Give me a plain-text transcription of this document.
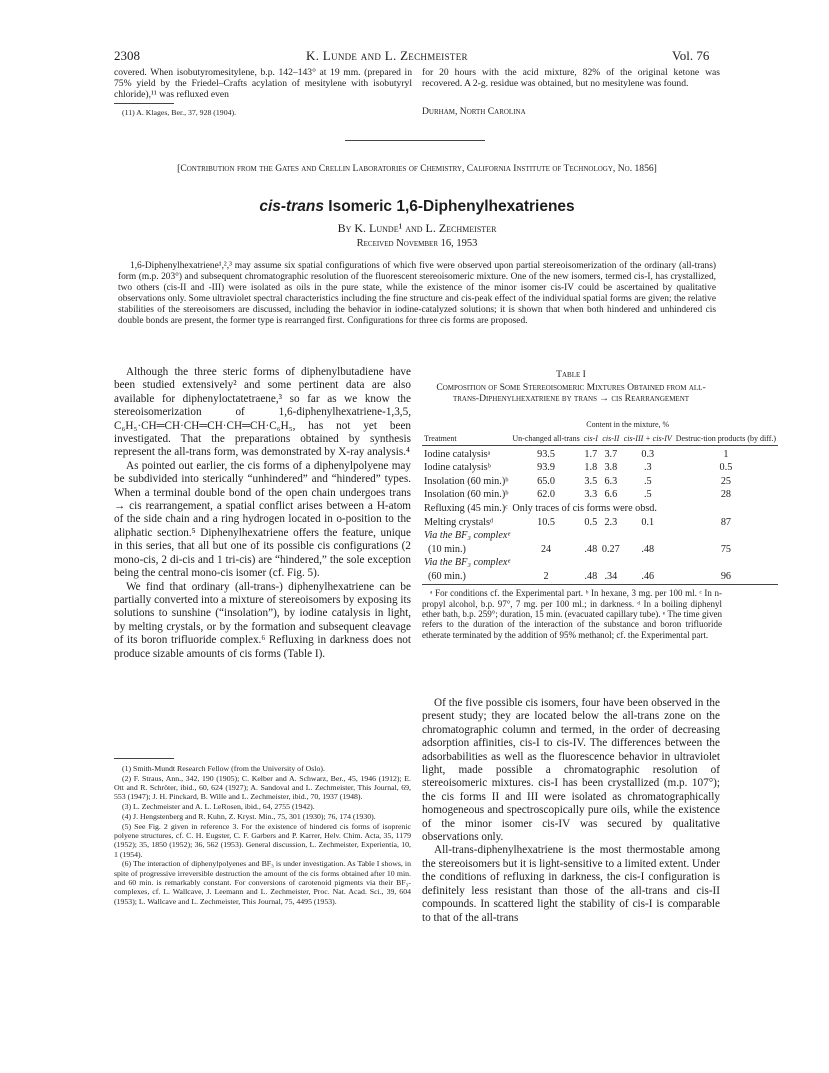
2308	K. Lunde and L. Zechmeister	Vol. 76
covered. When isobutyromesitylene, b.p. 142–143° at 19 mm. (prepared in 75% yield by the Friedel–Crafts acylation of mesitylene with isobutyryl chloride),¹¹ was refluxed even
(11) A. Klages, Ber., 37, 928 (1904).
for 20 hours with the acid mixture, 82% of the original ketone was recovered. A 2-g. residue was obtained, but no mesitylene was found.
Durham, North Carolina
[Contribution from the Gates and Crellin Laboratories of Chemistry, California Institute of Technology, No. 1856]
cis-trans Isomeric 1,6-Diphenylhexatrienes
By K. Lunde¹ and L. Zechmeister
Received November 16, 1953
1,6-Diphenylhexatriene¹,²,³ may assume six spatial configurations of which five were observed upon partial stereoisomerization of the ordinary (all-trans) form (m.p. 203°) and subsequent chromatographic resolution of the fluorescent stereoisomeric mixture. One of the new isomers, termed cis-I, has crystallized, two others (cis-II and -III) were isolated as oils in the pure state, while the existence of the minor isomer cis-IV could be ascertained by qualitative observations only. Some ultraviolet spectral characteristics including the fine structure and cis-peak effect of the individual spatial forms are given; the relative stabilities of the stereoisomers are discussed, including the behavior in iodine-catalyzed solutions; it is shown that when both hindered and unhindered cis double bonds are present, the former type is rearranged first. Configurations for three cis forms are proposed.

Although the three steric forms of diphenylbutadiene have been studied extensively² and some pertinent data are also available for diphenyloctatetraene,³ so far as we know the stereoisomerization of 1,6-diphenylhexatriene-1,3,5, C₆H₅·CH═CH·CH═CH·CH═CH·C₆H₅, has not yet been investigated. That the preparations obtained by synthesis represent the all-trans form, was demonstrated by X-ray analysis.⁴

As pointed out earlier, the cis forms of a diphenylpolyene may be subdivided into sterically “unhindered” and “hindered” types. When a terminal double bond of the open chain undergoes trans → cis rearrangement, a spatial conflict arises between a H-atom of the side chain and a ring hydrogen located in o-position to the aliphatic section.⁵ Diphenylhexatriene offers the feature, unique in this series, that all but one of its possible cis configurations (2 mono-cis, 2 di-cis and 1 tri-cis) are “hindered,” the sole exception being the central mono-cis isomer (cf. Fig. 5).

We find that ordinary (all-trans-) diphenylhexatriene can be partially converted into a mixture of stereoisomers by exposing its solutions to sunshine (“insolation”), by iodine catalysis in light, by melting crystals, or by the formation and subsequent cleavage of its boron trifluoride complex.⁶ Refluxing in darkness does not produce sizable amounts of cis forms (Table I).

(1) Smith-Mundt Research Fellow (from the University of Oslo).

(2) F. Straus, Ann., 342, 190 (1905); C. Kelber and A. Schwarz, Ber., 45, 1946 (1912); E. Ott and R. Schröter, ibid., 60, 624 (1927); A. Sandoval and L. Zechmeister, This Journal, 69, 553 (1947); J. H. Pinckard, B. Wille and L. Zechmeister, ibid., 70, 1937 (1948).

(3) L. Zechmeister and A. L. LeRosen, ibid., 64, 2755 (1942).

(4) J. Hengstenberg and R. Kuhn, Z. Kryst. Min., 75, 301 (1930); 76, 174 (1930).

(5) See Fig. 2 given in reference 3. For the existence of hindered cis forms of isoprenic polyene structures, cf. C. H. Eugster, C. F. Garbers and P. Karrer, Helv. Chim. Acta, 35, 1179 (1952); 35, 1850 (1952); 36, 562 (1953). General discussion, L. Zechmeister, Experientia, 10, 1 (1954).

(6) The interaction of diphenylpolyenes and BF₃ is under investigation. As Table I shows, in spite of progressive irreversible destruction the amount of the cis forms obtained after 10 min. and 60 min. is remarkably constant. For conversions of carotenoid pigments via their BF₃-complexes, cf. L. Wallcave, J. Leemann and L. Zechmeister, Proc. Nat. Acad. Sci., 39, 604 (1953); L. Wallcave and L. Zechmeister, This Journal, 75, 4495 (1953).

Table I
Composition of Some Stereoisomeric Mixtures Obtained from all-trans-Diphenylhexatriene by trans → cis Rearrangement
Treatment	Un-changed all-trans	Content in the mixture, %			Destruc-tion products (by diff.)
		cis-I	cis-II	cis-III + cis-IV	

Iodine catalysisᵃ	93.5	1.7	3.7	0.3	1
Iodine catalysisᵇ	93.9	1.8	3.8	.3	0.5
Insolation (60 min.)ᵇ	65.0	3.5	6.3	.5	25
Insolation (60 min.)ᵇ	62.0	3.3	6.6	.5	28
Refluxing (45 min.)ᶜ	Only traces of cis forms were obsd.				
Melting crystalsᵈ	10.5	0.5	2.3	0.1	87
Via the BF₃ complexᵉ					
(10 min.)	24	.48	0.27	.48	75
Via the BF₃ complexᵉ					
(60 min.)	2	.48	.34	.46	96

ᵃ For conditions cf. the Experimental part. ᵇ In hexane, 3 mg. per 100 ml. ᶜ In n-propyl alcohol, b.p. 97°, 7 mg. per 100 ml.; in darkness. ᵈ In a boiling diphenyl ether bath, b.p. 259°; duration, 15 min. (evacuated capillary tube). ᵉ The time given refers to the duration of the interaction of the substance and boron trifluoride etherate terminated by the addition of 95% methanol; cf. the Experimental part.

Of the five possible cis isomers, four have been observed in the present study; they are located below the all-trans zone on the chromatographic column and termed, in the order of decreasing adsorption affinities, cis-I to cis-IV. The differences between the adsorbabilities as well as the fluorescence behavior in ultraviolet light, made possible a chromatographic resolution of stereoisomeric mixtures. cis-I has been crystallized (m.p. 107°); the cis forms II and III were isolated as chromatographically homogeneous and spectroscopically pure oils, while the existence of the minor isomer cis-IV was secured by qualitative observations only.

All-trans-diphenylhexatriene is the most thermostable among the stereoisomers but it is light-sensitive to a limited extent. Under the conditions of refluxing in darkness, the cis-I configuration is definitely less resistant than those of the all-trans and cis-II compounds. In scattered light the stability of cis-I is comparable to that of the all-trans
